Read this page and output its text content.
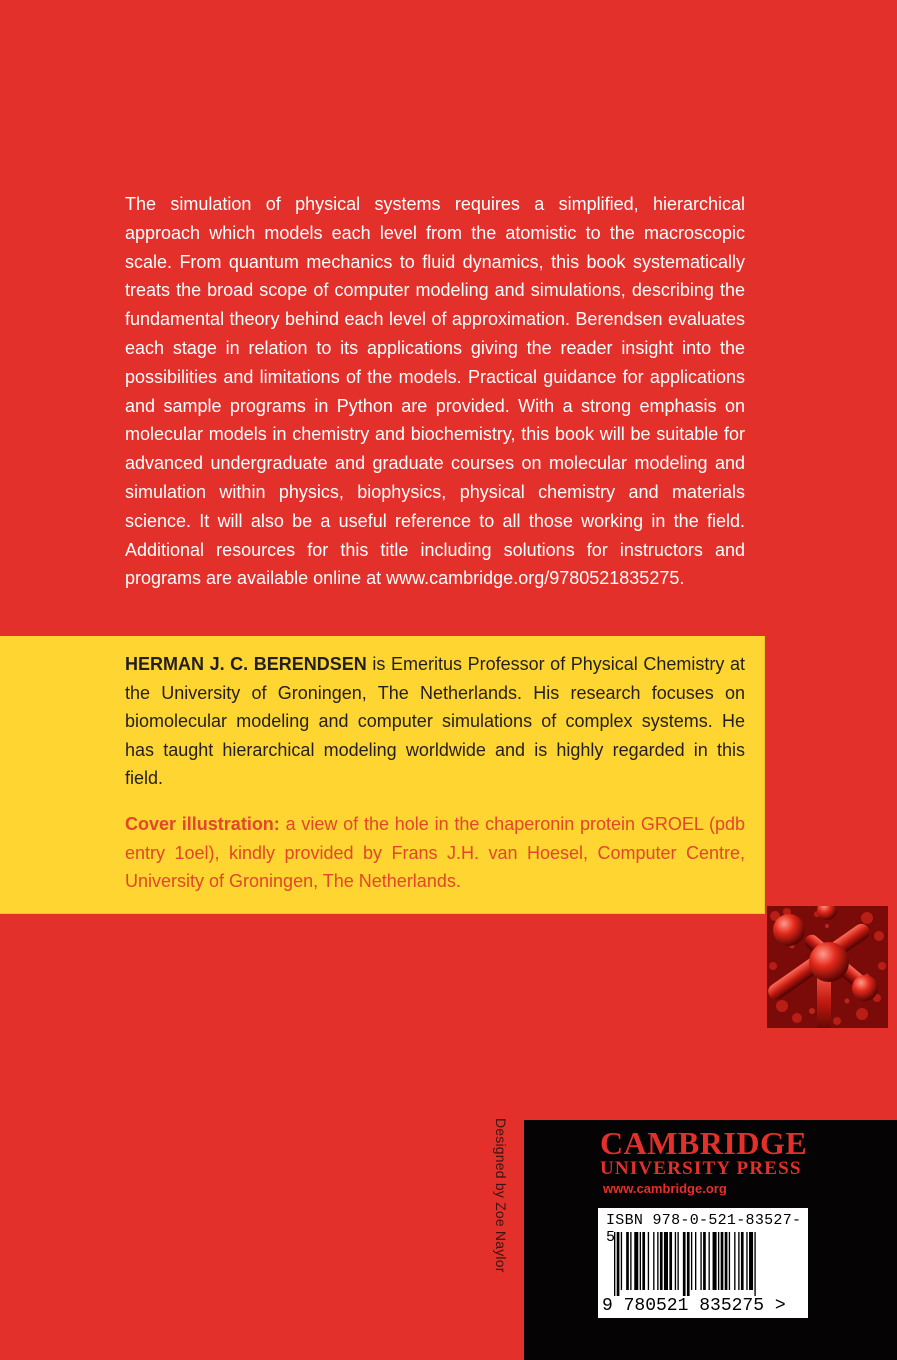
The simulation of physical systems requires a simplified, hierarchical approach which models each level from the atomistic to the macroscopic scale. From quantum mechanics to fluid dynamics, this book systematically treats the broad scope of computer modeling and simulations, describing the fundamental theory behind each level of approximation. Berendsen evaluates each stage in relation to its applications giving the reader insight into the possibilities and limitations of the models. Practical guidance for applications and sample programs in Python are provided. With a strong emphasis on molecular models in chemistry and biochemistry, this book will be suitable for advanced undergraduate and graduate courses on molecular modeling and simulation within physics, biophysics, physical chemistry and materials science. It will also be a useful reference to all those working in the field. Additional resources for this title including solutions for instructors and programs are available online at www.cambridge.org/9780521835275.

HERMAN J. C. BERENDSEN is Emeritus Professor of Physical Chemistry at the University of Groningen, The Netherlands. His research focuses on biomolecular modeling and computer simulations of complex systems. He has taught hierarchical modeling worldwide and is highly regarded in this field.

Cover illustration: a view of the hole in the chaperonin protein GROEL (pdb entry 1oel), kindly provided by Frans J.H. van Hoesel, Computer Centre, University of Groningen, The Netherlands.

Designed by Zoe Naylor	CAMBRIDGE
UNIVERSITY PRESS
www.cambridge.org
ISBN 978-0-521-83527-5
9 780521 835275 >
